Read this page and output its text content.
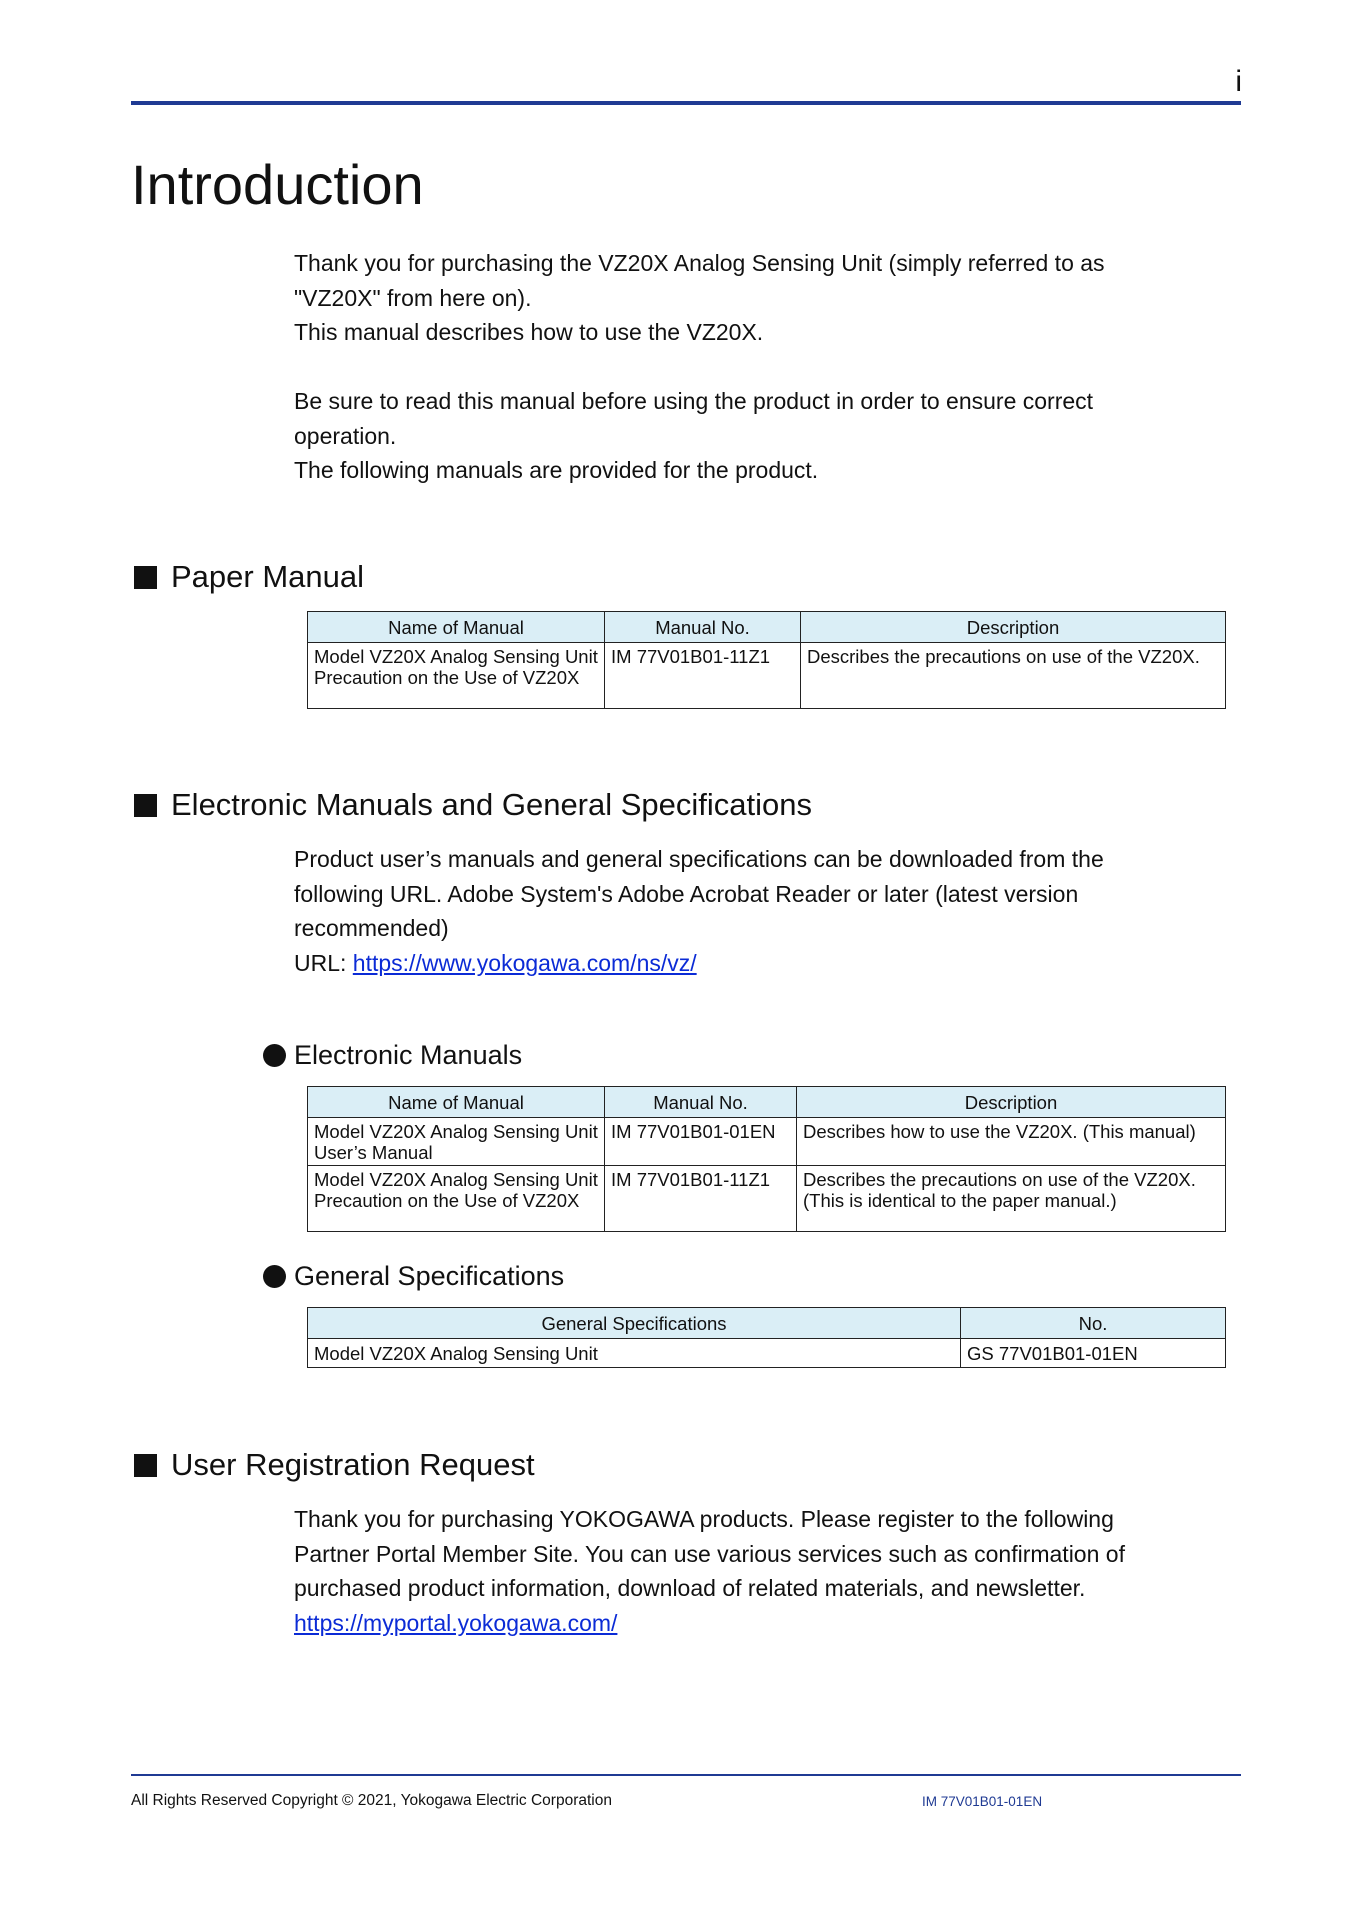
i
Introduction

Thank you for purchasing the VZ20X Analog Sensing Unit (simply referred to as
"VZ20X" from here on).
This manual describes how to use the VZ20X.

Be sure to read this manual before using the product in order to ensure correct
operation.
The following manuals are provided for the product.

Paper Manual
Name of Manual	Manual No.	Description
Model VZ20X Analog Sensing Unit Precaution on the Use of VZ20X	IM 77V01B01-11Z1	Describes the precautions on use of the VZ20X.
Electronic Manuals and General Specifications

Product user’s manuals and general specifications can be downloaded from the
following URL. Adobe System's Adobe Acrobat Reader or later (latest version
recommended)
URL: https://www.yokogawa.com/ns/vz/

Electronic Manuals
Name of Manual	Manual No.	Description
Model VZ20X Analog Sensing Unit User’s Manual	IM 77V01B01-01EN	Describes how to use the VZ20X. (This manual)
Model VZ20X Analog Sensing Unit Precaution on the Use of VZ20X	IM 77V01B01-11Z1	Describes the precautions on use of the VZ20X. (This is identical to the paper manual.)
General Specifications
General Specifications	No.
Model VZ20X Analog Sensing Unit	GS 77V01B01-01EN
User Registration Request

Thank you for purchasing YOKOGAWA products. Please register to the following
Partner Portal Member Site. You can use various services such as confirmation of
purchased product information, download of related materials, and newsletter.
https://myportal.yokogawa.com/

All Rights Reserved Copyright © 2021, Yokogawa Electric Corporation	IM 77V01B01-01EN
